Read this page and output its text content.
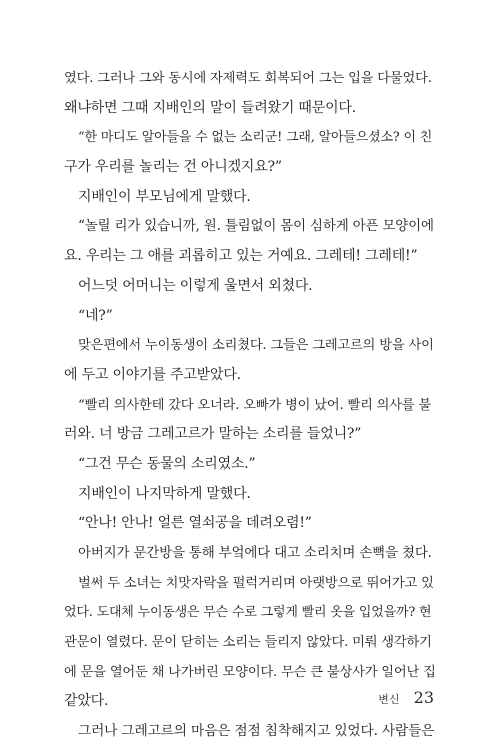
였다. 그러나 그와 동시에 자제력도 회복되어 그는 입을 다물었다.
왜냐하면 그때 지배인의 말이 들려왔기 때문이다.
“한 마디도 알아들을 수 없는 소리군! 그래, 알아들으셨소? 이 친
구가 우리를 놀리는 건 아니겠지요?”
지배인이 부모님에게 말했다.
“놀릴 리가 있습니까, 원. 틀림없이 몸이 심하게 아픈 모양이에
요. 우리는 그 애를 괴롭히고 있는 거예요. 그레테! 그레테!”
어느덧 어머니는 이렇게 울면서 외쳤다.
“네?”
맞은편에서 누이동생이 소리쳤다. 그들은 그레고르의 방을 사이
에 두고 이야기를 주고받았다.
“빨리 의사한테 갔다 오너라. 오빠가 병이 났어. 빨리 의사를 불
러와. 너 방금 그레고르가 말하는 소리를 들었니?”
“그건 무슨 동물의 소리였소.”
지배인이 나지막하게 말했다.
“안나! 안나! 얼른 열쇠공을 데려오렴!”
아버지가 문간방을 통해 부엌에다 대고 소리치며 손뼉을 쳤다.
벌써 두 소녀는 치맛자락을 펄럭거리며 아랫방으로 뛰어가고 있
었다. 도대체 누이동생은 무슨 수로 그렇게 빨리 옷을 입었을까? 현
관문이 열렸다. 문이 닫히는 소리는 들리지 않았다. 미뤄 생각하기
에 문을 열어둔 채 나가버린 모양이다. 무슨 큰 불상사가 일어난 집
같았다.
그러나 그레고르의 마음은 점점 침착해지고 있었다. 사람들은
변신 23
